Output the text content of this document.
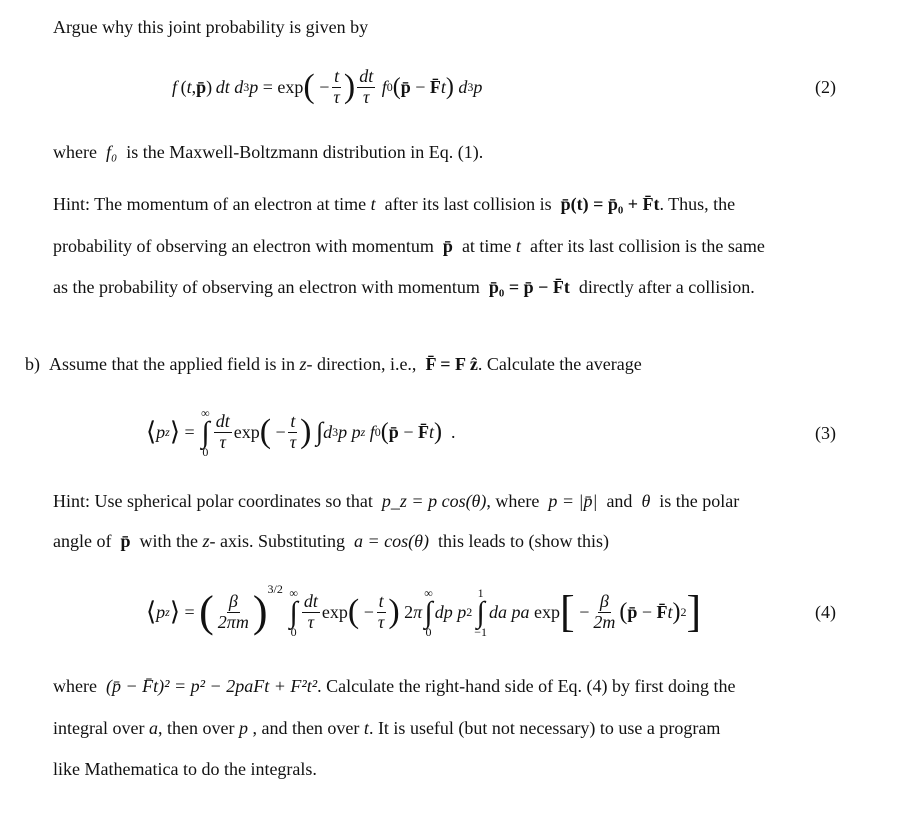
Argue why this joint probability is given by
f  ( t , p̄ )  dt d 3 p = exp ( − $\frac{t}{\tau}$ ) $\frac{dt}{\tau}$
f 0 ( p̄ − F̄ t )
d 3 p	(2)
where f₀ is the Maxwell-Boltzmann distribution in Eq. (1).
Hint: The momentum of an electron at time t after its last collision is p̄(t) = p̄₀ + F̄t. Thus, the
probability of observing an electron with momentum p̄ at time t after its last collision is the same
as the probability of observing an electron with momentum p̄₀ = p̄ − F̄t directly after a collision.
b) Assume that the applied field is in z- direction, i.e., F̄ = F ẑ. Calculate the average
⟨ p z ⟩ =
∞
∫
$0 \frac{dt}{\tau}$ exp ( − $\frac{t}{\tau}$ )
∫ d 3 p p z
f 0 ( p̄ − F̄ t ) .	(3)
Hint: Use spherical polar coordinates so that p_z = p cos(θ), where p = |p̄| and θ is the polar
angle of p̄ with the z- axis. Substituting a = cos(θ) this leads to (show this)
⟨ p z ⟩ = ( $\frac{\beta}{2\pi m} )^{3/2}$
∞
∫
$0 \frac{dt}{\tau}$ exp ( − $\frac{t}{\tau}$ ) 2 π
∞
∫
0
dp p 2
1
∫
−1
da pa exp [ − $\frac{\beta}{2m}$ ( p̄ − F̄ t ) 2 ]	(4)
where (p̄ − F̄t)² = p² − 2paFt + F²t². Calculate the right-hand side of Eq. (4) by first doing the
integral over a, then over p , and then over t. It is useful (but not necessary) to use a program
like Mathematica to do the integrals.
